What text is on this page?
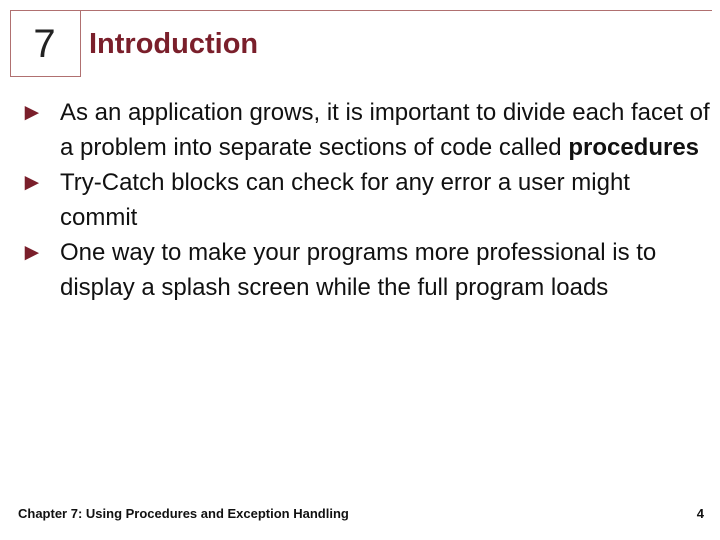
7	Introduction
► As an application grows, it is important to divide each facet of a problem into separate sections of code called procedures
► Try-Catch blocks can check for any error a user might commit
► One way to make your programs more professional is to display a splash screen while the full program loads
Chapter 7: Using Procedures and Exception Handling	4
